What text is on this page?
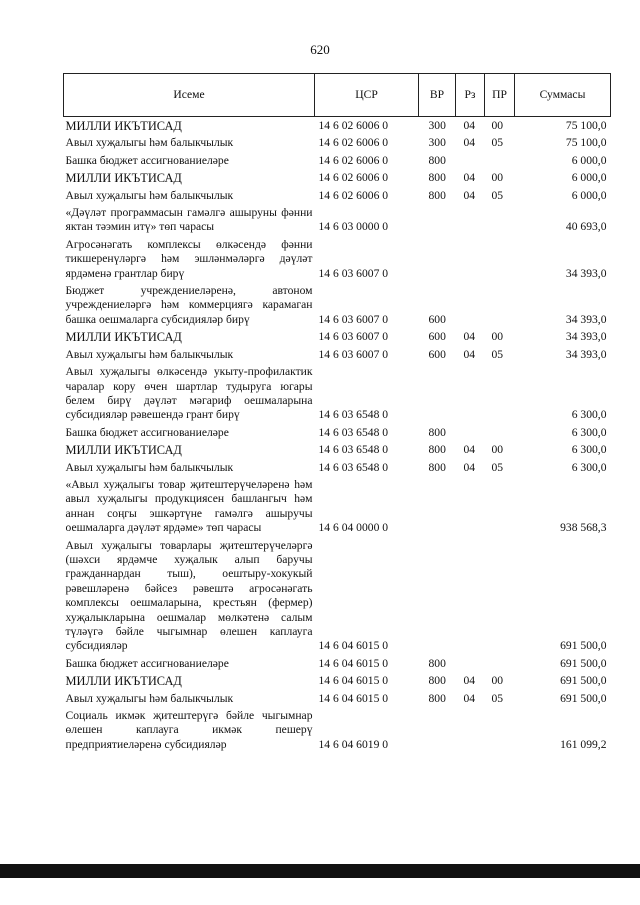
620
Исеме	ЦСР	ВР	Рз	ПР	Суммасы
МИЛЛИ ИКЪТИСАД	14 6 02 6006 0	300	04	00	75 100,0
Авыл хуҗалыгы һәм балыкчылык	14 6 02 6006 0	300	04	05	75 100,0
Башка бюджет ассигнованиеләре	14 6 02 6006 0	800			6 000,0
МИЛЛИ ИКЪТИСАД	14 6 02 6006 0	800	04	00	6 000,0
Авыл хуҗалыгы һәм балыкчылык	14 6 02 6006 0	800	04	05	6 000,0
«Дәүләт программасын гамәлгә ашыруны фәнни яктан тәэмин итү» төп чарасы	14 6 03 0000 0				40 693,0
Агросәнәгать комплексы өлкәсендә фәнни тикшеренүләргә һәм эшләнмәләргә дәүләт ярдәменә грантлар бирү	14 6 03 6007 0				34 393,0
Бюджет учреждениеләренә, автоном учреждениеләргә һәм коммерциягә карамаган башка оешмаларга субсидияләр бирү	14 6 03 6007 0	600			34 393,0
МИЛЛИ ИКЪТИСАД	14 6 03 6007 0	600	04	00	34 393,0
Авыл хуҗалыгы һәм балыкчылык	14 6 03 6007 0	600	04	05	34 393,0
Авыл хуҗалыгы өлкәсендә укыту-профилактик чаралар кору өчен шартлар тудыруга югары белем бирү дәүләт мәгариф оешмаларына субсидияләр рәвешендә грант бирү	14 6 03 6548 0				6 300,0
Башка бюджет ассигнованиеләре	14 6 03 6548 0	800			6 300,0
МИЛЛИ ИКЪТИСАД	14 6 03 6548 0	800	04	00	6 300,0
Авыл хуҗалыгы һәм балыкчылык	14 6 03 6548 0	800	04	05	6 300,0
«Авыл хуҗалыгы товар җитештерүчеләренә һәм авыл хуҗалыгы продукциясен башлангыч һәм аннан соңгы эшкәртүне гамәлгә ашыручы оешмаларга дәүләт ярдәме» төп чарасы	14 6 04 0000 0				938 568,3
Авыл хуҗалыгы товарлары җитештерүчеләргә (шәхси ярдәмче хуҗалык алып баручы гражданнардан тыш), оештыру-хокукый рәвешләренә бәйсез рәвештә агросәнәгать комплексы оешмаларына, крестьян (фермер) хуҗалыкларына оешмалар мөлкәтенә салым түләүгә бәйле чыгымнар өлешен каплауга субсидияләр	14 6 04 6015 0				691 500,0
Башка бюджет ассигнованиеләре	14 6 04 6015 0	800			691 500,0
МИЛЛИ ИКЪТИСАД	14 6 04 6015 0	800	04	00	691 500,0
Авыл хуҗалыгы һәм балыкчылык	14 6 04 6015 0	800	04	05	691 500,0
Социаль икмәк җитештерүгә бәйле чыгымнар өлешен каплауга икмәк пешерү предприятиеләренә субсидияләр	14 6 04 6019 0				161 099,2
